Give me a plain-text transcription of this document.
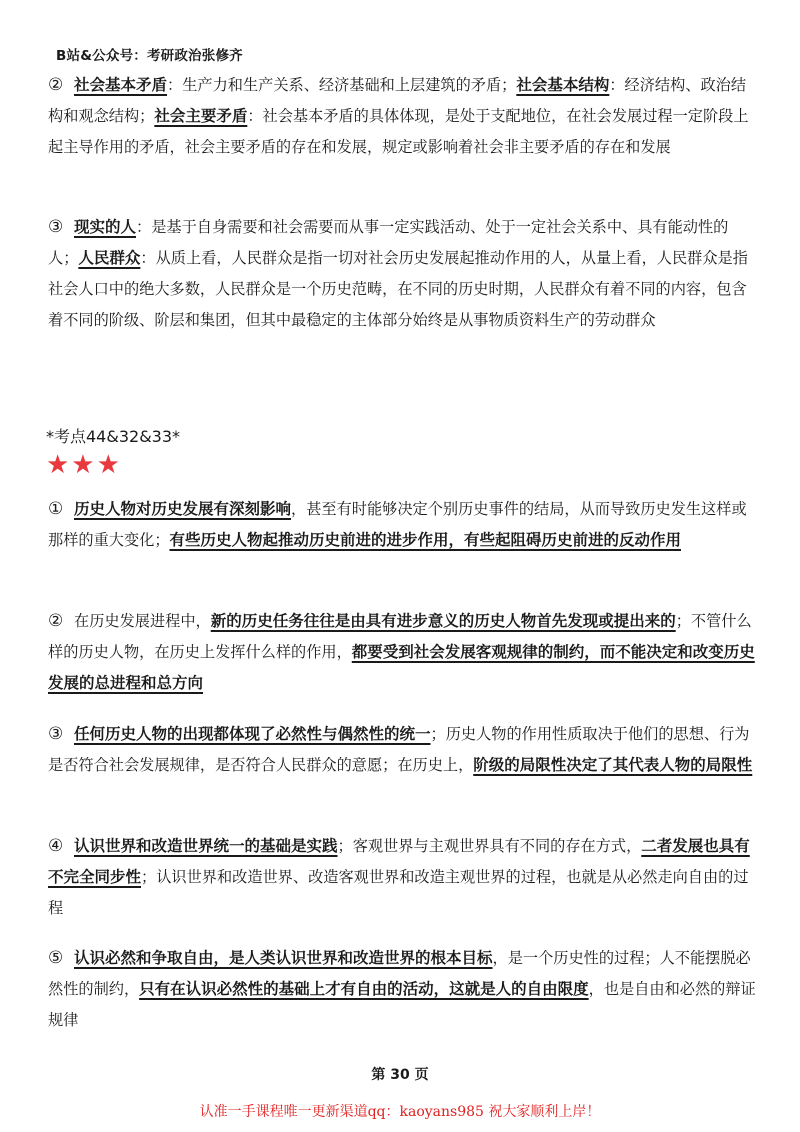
B站&公众号：考研政治张修齐
② 社会基本矛盾：生产力和生产关系、经济基础和上层建筑的矛盾；社会基本结构：经济结构、政治结构和观念结构；社会主要矛盾：社会基本矛盾的具体体现，是处于支配地位，在社会发展过程一定阶段上起主导作用的矛盾，社会主要矛盾的存在和发展，规定或影响着社会非主要矛盾的存在和发展
③ 现实的人：是基于自身需要和社会需要而从事一定实践活动、处于一定社会关系中、具有能动性的人；人民群众：从质上看，人民群众是指一切对社会历史发展起推动作用的人，从量上看，人民群众是指社会人口中的绝大多数，人民群众是一个历史范畴，在不同的历史时期，人民群众有着不同的内容，包含着不同的阶级、阶层和集团，但其中最稳定的主体部分始终是从事物质资料生产的劳动群众
*考点44&32&33*
★★★
① 历史人物对历史发展有深刻影响，甚至有时能够决定个别历史事件的结局，从而导致历史发生这样或那样的重大变化；有些历史人物起推动历史前进的进步作用，有些起阻碍历史前进的反动作用
② 在历史发展进程中，新的历史任务往往是由具有进步意义的历史人物首先发现或提出来的；不管什么样的历史人物，在历史上发挥什么样的作用，都要受到社会发展客观规律的制约，而不能决定和改变历史发展的总进程和总方向
③ 任何历史人物的出现都体现了必然性与偶然性的统一；历史人物的作用性质取决于他们的思想、行为是否符合社会发展规律，是否符合人民群众的意愿；在历史上，阶级的局限性决定了其代表人物的局限性
④ 认识世界和改造世界统一的基础是实践；客观世界与主观世界具有不同的存在方式，二者发展也具有不完全同步性；认识世界和改造世界、改造客观世界和改造主观世界的过程，也就是从必然走向自由的过程
⑤ 认识必然和争取自由，是人类认识世界和改造世界的根本目标，是一个历史性的过程；人不能摆脱必然性的制约，只有在认识必然性的基础上才有自由的活动，这就是人的自由限度，也是自由和必然的辩证规律
第 30 页
认准一手课程唯一更新渠道qq：kaoyans985 祝大家顺利上岸！
